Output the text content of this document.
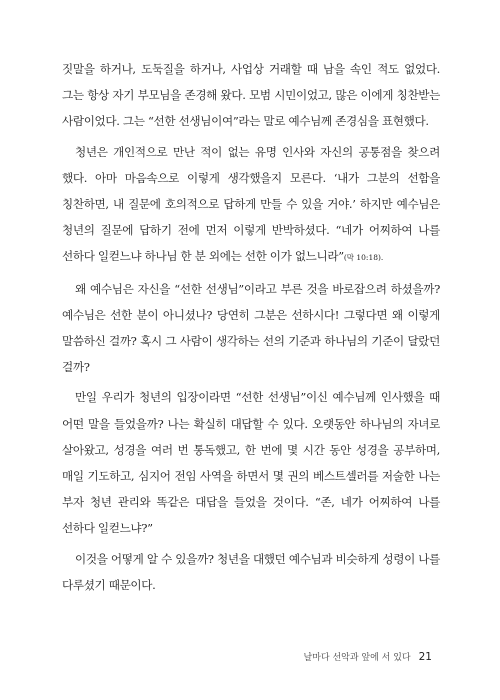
짓말을 하거나, 도둑질을 하거나, 사업상 거래할 때 남을 속인 적도 없었다. 그는 항상 자기 부모님을 존경해 왔다. 모범 시민이었고, 많은 이에게 칭찬받는 사람이었다. 그는 “선한 선생님이여”라는 말로 예수님께 존경심을 표현했다.

청년은 개인적으로 만난 적이 없는 유명 인사와 자신의 공통점을 찾으려 했다. 아마 마음속으로 이렇게 생각했을지 모른다. ‘내가 그분의 선함을 칭찬하면, 내 질문에 호의적으로 답하게 만들 수 있을 거야.’ 하지만 예수님은 청년의 질문에 답하기 전에 먼저 이렇게 반박하셨다. “네가 어찌하여 나를 선하다 일컫느냐 하나님 한 분 외에는 선한 이가 없느니라”(막 10:18).

왜 예수님은 자신을 “선한 선생님”이라고 부른 것을 바로잡으려 하셨을까? 예수님은 선한 분이 아니셨나? 당연히 그분은 선하시다! 그렇다면 왜 이렇게 말씀하신 걸까? 혹시 그 사람이 생각하는 선의 기준과 하나님의 기준이 달랐던 걸까?

만일 우리가 청년의 입장이라면 “선한 선생님”이신 예수님께 인사했을 때 어떤 말을 들었을까? 나는 확실히 대답할 수 있다. 오랫동안 하나님의 자녀로 살아왔고, 성경을 여러 번 통독했고, 한 번에 몇 시간 동안 성경을 공부하며, 매일 기도하고, 심지어 전임 사역을 하면서 몇 권의 베스트셀러를 저술한 나는 부자 청년 관리와 똑같은 대답을 들었을 것이다. “존, 네가 어찌하여 나를 선하다 일컫느냐?”

이것을 어떻게 알 수 있을까? 청년을 대했던 예수님과 비슷하게 성령이 나를 다루셨기 때문이다.

날마다 선악과 앞에 서 있다 21
